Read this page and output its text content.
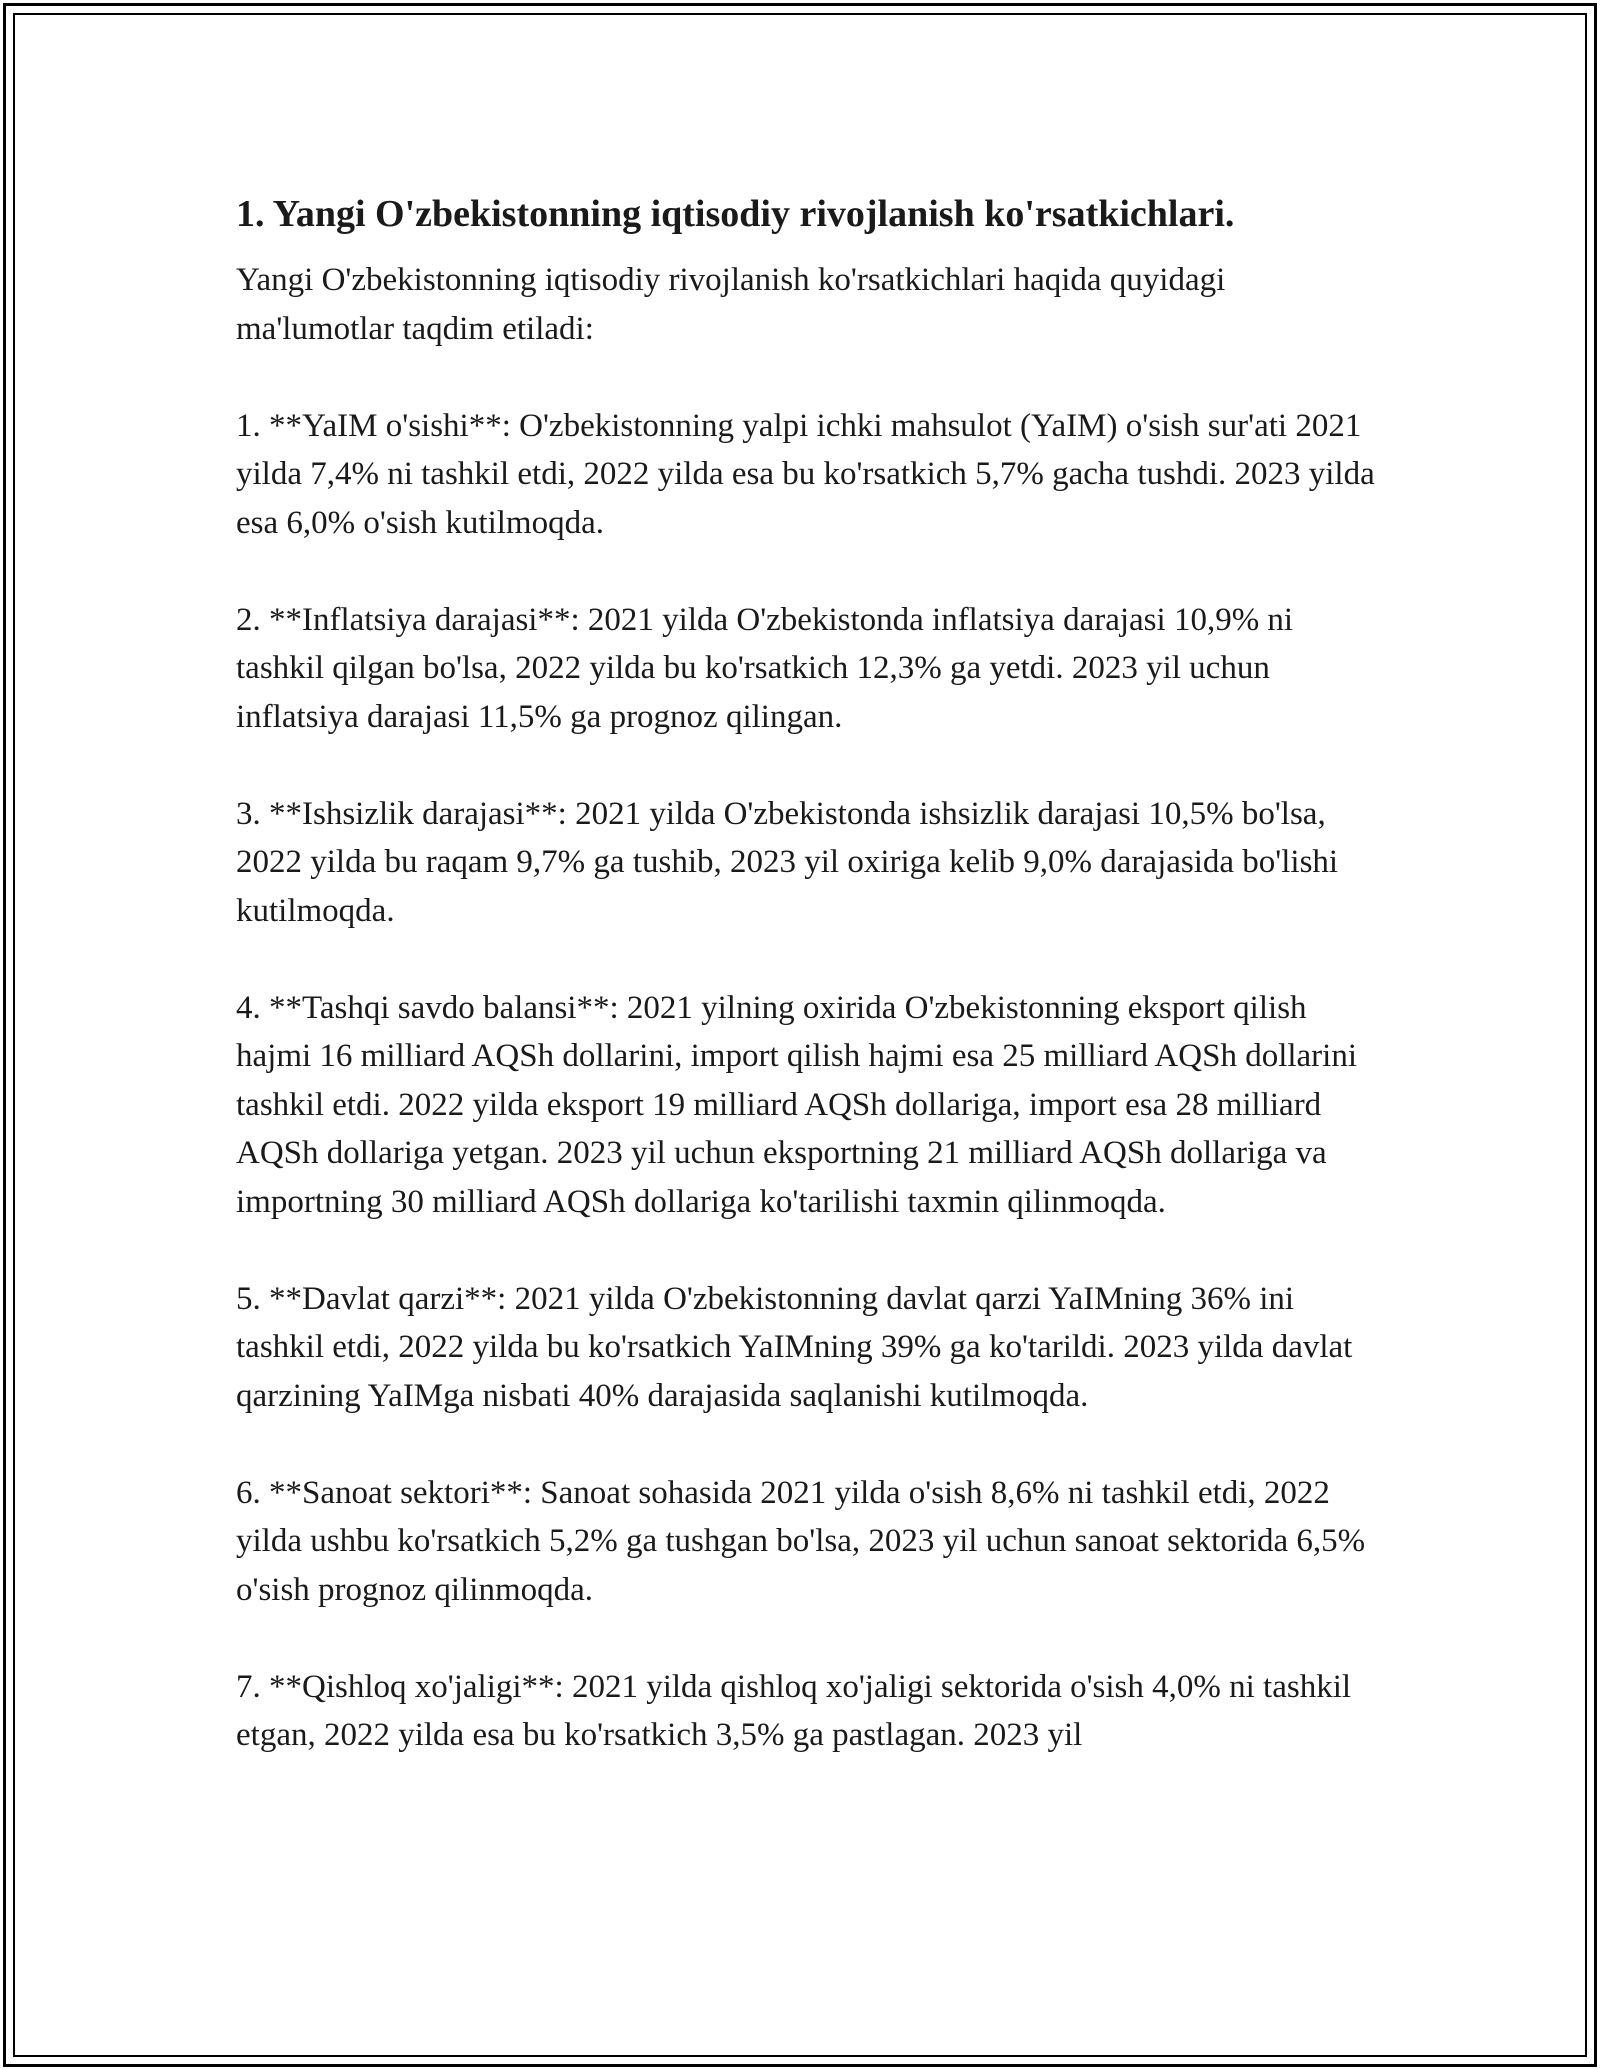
1. Yangi O'zbekistonning iqtisodiy rivojlanish ko'rsatkichlari.

Yangi O'zbekistonning iqtisodiy rivojlanish ko'rsatkichlari haqida quyidagi ma'lumotlar taqdim etiladi:

1. **YaIM o'sishi**: O'zbekistonning yalpi ichki mahsulot (YaIM) o'sish sur'ati 2021 yilda 7,4% ni tashkil etdi, 2022 yilda esa bu ko'rsatkich 5,7% gacha tushdi. 2023 yilda esa 6,0% o'sish kutilmoqda.

2. **Inflatsiya darajasi**: 2021 yilda O'zbekistonda inflatsiya darajasi 10,9% ni tashkil qilgan bo'lsa, 2022 yilda bu ko'rsatkich 12,3% ga yetdi. 2023 yil uchun inflatsiya darajasi 11,5% ga prognoz qilingan.

3. **Ishsizlik darajasi**: 2021 yilda O'zbekistonda ishsizlik darajasi 10,5% bo'lsa, 2022 yilda bu raqam 9,7% ga tushib, 2023 yil oxiriga kelib 9,0% darajasida bo'lishi kutilmoqda.

4. **Tashqi savdo balansi**: 2021 yilning oxirida O'zbekistonning eksport qilish hajmi 16 milliard AQSh dollarini, import qilish hajmi esa 25 milliard AQSh dollarini tashkil etdi. 2022 yilda eksport 19 milliard AQSh dollariga, import esa 28 milliard AQSh dollariga yetgan. 2023 yil uchun eksportning 21 milliard AQSh dollariga va importning 30 milliard AQSh dollariga ko'tarilishi taxmin qilinmoqda.

5. **Davlat qarzi**: 2021 yilda O'zbekistonning davlat qarzi YaIMning 36% ini tashkil etdi, 2022 yilda bu ko'rsatkich YaIMning 39% ga ko'tarildi. 2023 yilda davlat qarzining YaIMga nisbati 40% darajasida saqlanishi kutilmoqda.

6. **Sanoat sektori**: Sanoat sohasida 2021 yilda o'sish 8,6% ni tashkil etdi, 2022 yilda ushbu ko'rsatkich 5,2% ga tushgan bo'lsa, 2023 yil uchun sanoat sektorida 6,5% o'sish prognoz qilinmoqda.

7. **Qishloq xo'jaligi**: 2021 yilda qishloq xo'jaligi sektorida o'sish 4,0% ni tashkil etgan, 2022 yilda esa bu ko'rsatkich 3,5% ga pastlagan. 2023 yil
